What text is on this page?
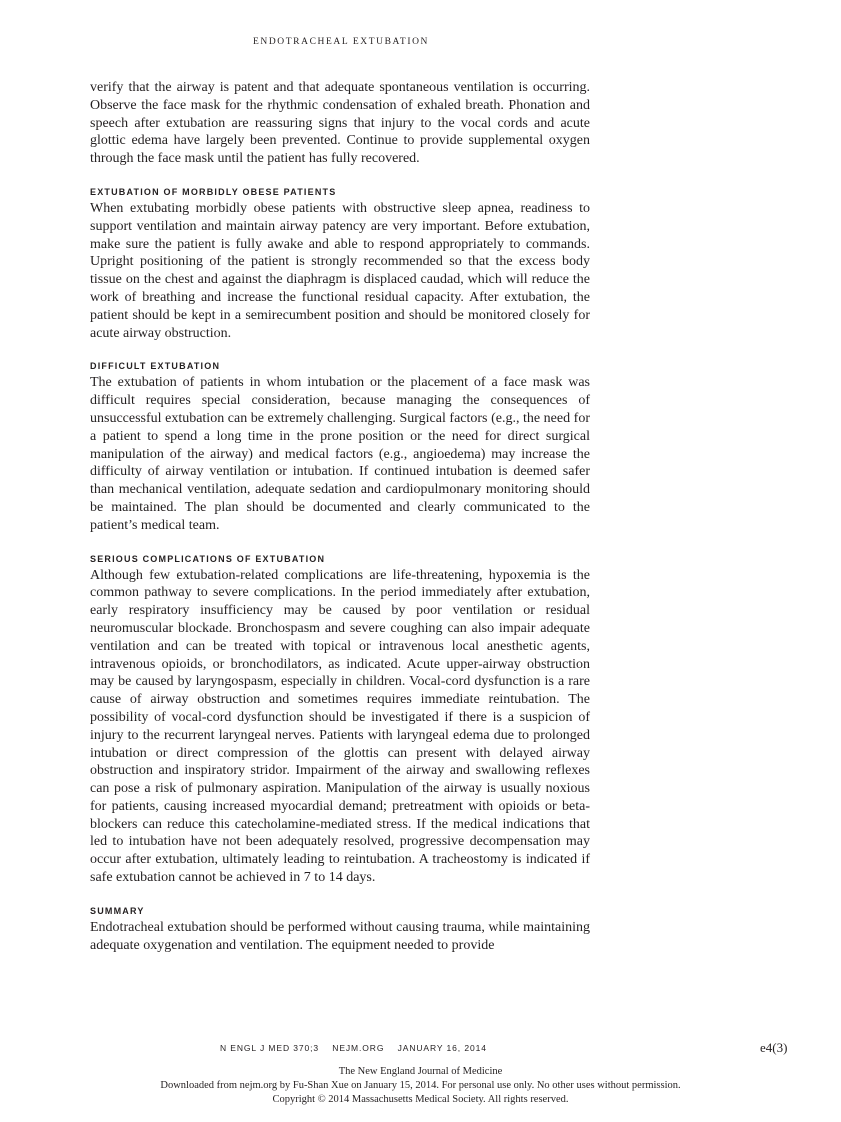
ENDOTRACHEAL EXTUBATION

verify that the airway is patent and that adequate spontaneous ventilation is occurring. Observe the face mask for the rhythmic condensation of exhaled breath. Phonation and speech after extubation are reassuring signs that injury to the vocal cords and acute glottic edema have largely been prevented. Continue to provide supplemental oxygen through the face mask until the patient has fully recovered.

EXTUBATION OF MORBIDLY OBESE PATIENTS

When extubating morbidly obese patients with obstructive sleep apnea, readiness to support ventilation and maintain airway patency are very important. Before extubation, make sure the patient is fully awake and able to respond appropriately to commands. Upright positioning of the patient is strongly recommended so that the excess body tissue on the chest and against the diaphragm is displaced caudad, which will reduce the work of breathing and increase the functional residual capacity. After extubation, the patient should be kept in a semirecumbent position and should be monitored closely for acute airway obstruction.

DIFFICULT EXTUBATION

The extubation of patients in whom intubation or the placement of a face mask was difficult requires special consideration, because managing the consequences of unsuccessful extubation can be extremely challenging. Surgical factors (e.g., the need for a patient to spend a long time in the prone position or the need for direct surgical manipulation of the airway) and medical factors (e.g., angioedema) may increase the difficulty of airway ventilation or intubation. If continued intubation is deemed safer than mechanical ventilation, adequate sedation and cardiopulmonary monitoring should be maintained. The plan should be documented and clearly communicated to the patient’s medical team.

SERIOUS COMPLICATIONS OF EXTUBATION

Although few extubation-related complications are life-threatening, hypoxemia is the common pathway to severe complications. In the period immediately after extubation, early respiratory insufficiency may be caused by poor ventilation or residual neuromuscular blockade. Bronchospasm and severe coughing can also impair adequate ventilation and can be treated with topical or intravenous local anesthetic agents, intravenous opioids, or bronchodilators, as indicated. Acute upper-airway obstruction may be caused by laryngospasm, especially in children. Vocal-cord dysfunction is a rare cause of airway obstruction and sometimes requires immediate reintubation. The possibility of vocal-cord dysfunction should be investigated if there is a suspicion of injury to the recurrent laryngeal nerves. Patients with laryngeal edema due to prolonged intubation or direct compression of the glottis can present with delayed airway obstruction and inspiratory stridor. Impairment of the airway and swallowing reflexes can pose a risk of pulmonary aspiration. Manipulation of the airway is usually noxious for patients, causing increased myocardial demand; pretreatment with opioids or beta-blockers can reduce this catecholamine-mediated stress. If the medical indications that led to intubation have not been adequately resolved, progressive decompensation may occur after extubation, ultimately leading to reintubation. A tracheostomy is indicated if safe extubation cannot be achieved in 7 to 14 days.

SUMMARY

Endotracheal extubation should be performed without causing trauma, while maintaining adequate oxygenation and ventilation. The equipment needed to provide

N ENGL J MED 370;3 NEJM.ORG JANUARY 16, 2014	e4(3)
The New England Journal of Medicine
Downloaded from nejm.org by Fu-Shan Xue on January 15, 2014. For personal use only. No other uses without permission.
Copyright © 2014 Massachusetts Medical Society. All rights reserved.
